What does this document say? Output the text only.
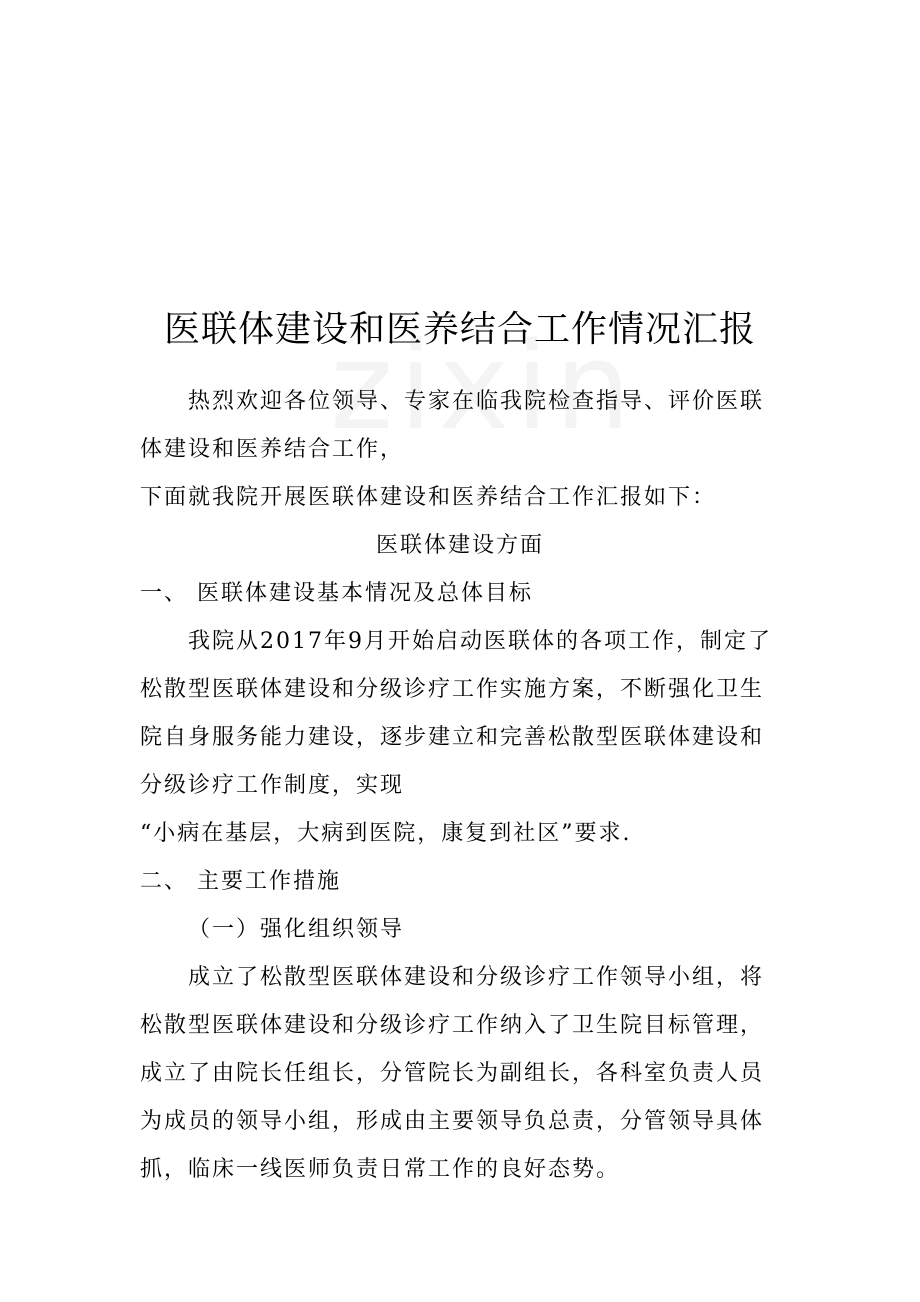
医联体建设和医养结合工作情况汇报

热烈欢迎各位领导、专家在临我院检查指导、评价医联体建设和医养结合工作，

下面就我院开展医联体建设和医养结合工作汇报如下：

医联体建设方面

一、 医联体建设基本情况及总体目标

我院从2017年9月开始启动医联体的各项工作，制定了松散型医联体建设和分级诊疗工作实施方案，不断强化卫生院自身服务能力建设，逐步建立和完善松散型医联体建设和分级诊疗工作制度，实现

“小病在基层，大病到医院，康复到社区”要求.

二、 主要工作措施

（一）强化组织领导

成立了松散型医联体建设和分级诊疗工作领导小组，将松散型医联体建设和分级诊疗工作纳入了卫生院目标管理，成立了由院长任组长，分管院长为副组长，各科室负责人员为成员的领导小组，形成由主要领导负总责，分管领导具体抓，临床一线医师负责日常工作的良好态势。
